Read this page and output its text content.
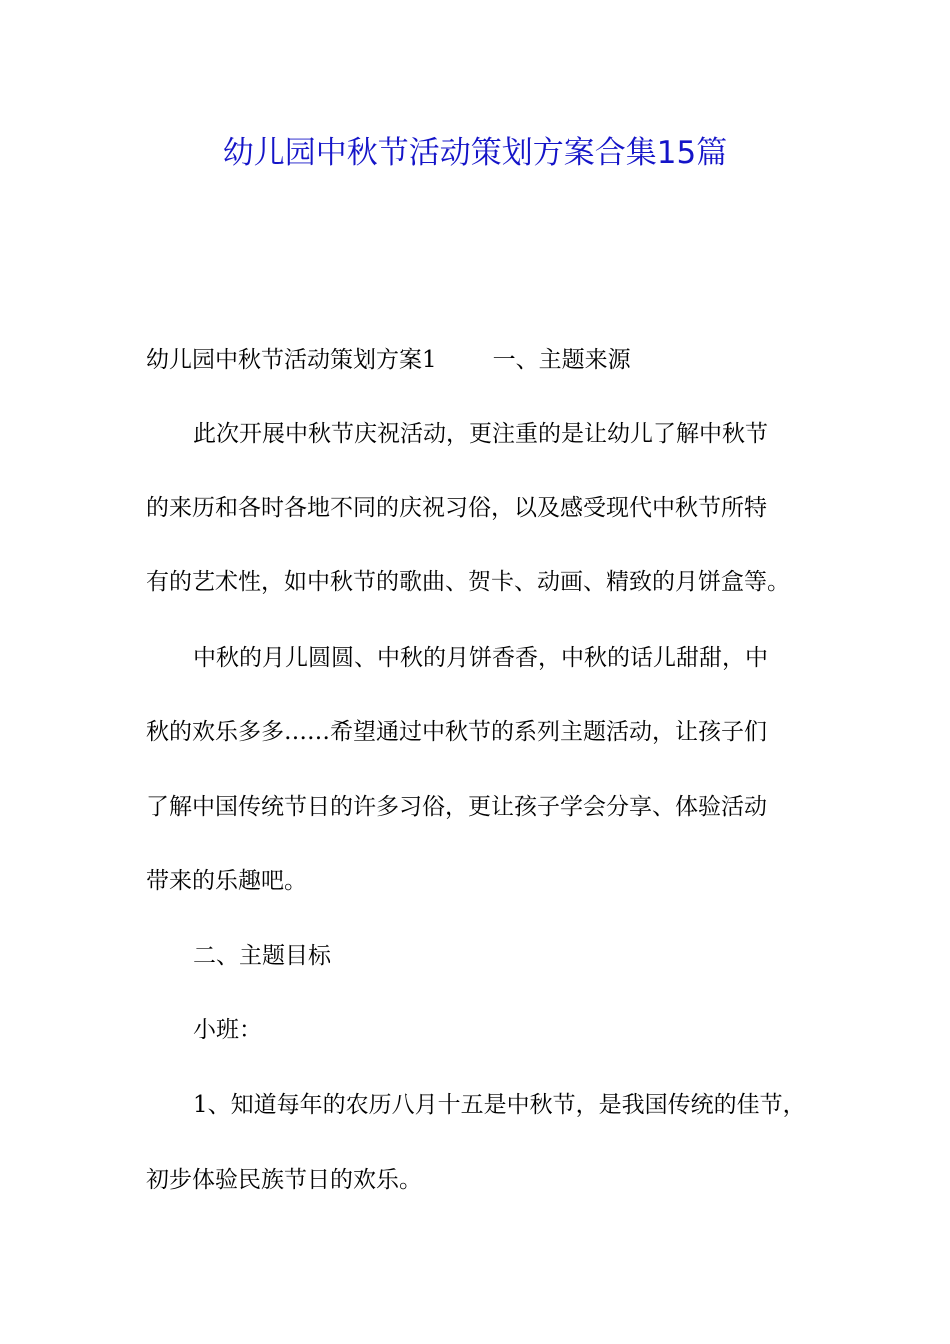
幼儿园中秋节活动策划方案合集15篇

幼儿园中秋节活动策划方案1 一、主题来源

此次开展中秋节庆祝活动，更注重的是让幼儿了解中秋节

的来历和各时各地不同的庆祝习俗，以及感受现代中秋节所特

有的艺术性，如中秋节的歌曲、贺卡、动画、精致的月饼盒等。

中秋的月儿圆圆、中秋的月饼香香，中秋的话儿甜甜，中

秋的欢乐多多……希望通过中秋节的系列主题活动，让孩子们

了解中国传统节日的许多习俗，更让孩子学会分享、体验活动

带来的乐趣吧。

二、主题目标

小班：

1、知道每年的农历八月十五是中秋节，是我国传统的佳节，

初步体验民族节日的欢乐。
